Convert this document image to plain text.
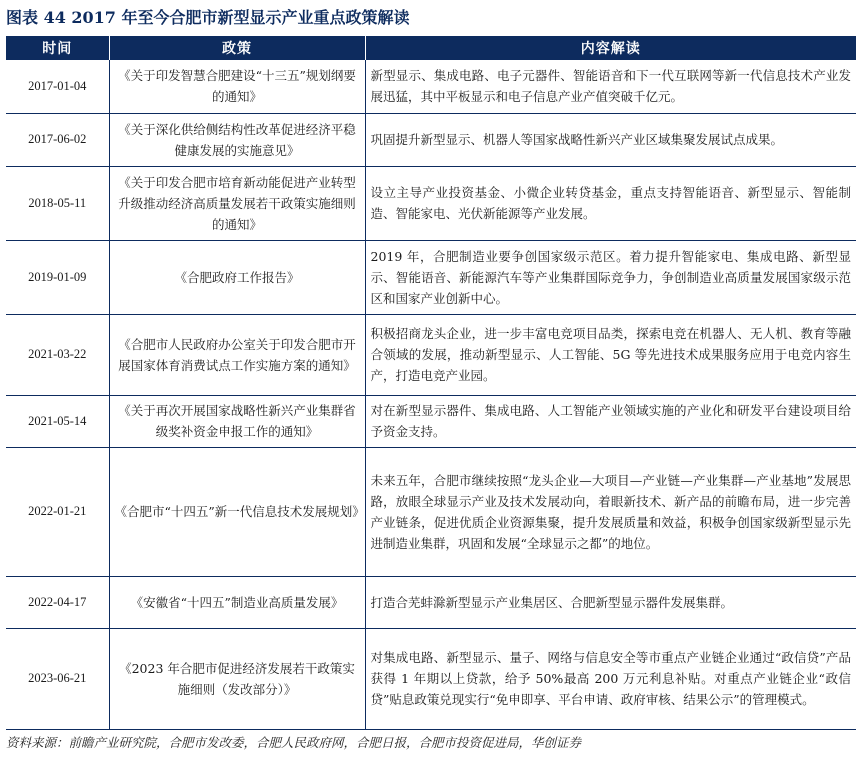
图表 44 2017 年至今合肥市新型显示产业重点政策解读
时间	政策	内容解读
2017-01-04	《关于印发智慧合肥建设“十三五”规划纲要的通知》	新型显示、集成电路、电子元器件、智能语音和下一代互联网等新一代信息技术产业发展迅猛，其中平板显示和电子信息产业产值突破千亿元。
2017-06-02	《关于深化供给侧结构性改革促进经济平稳健康发展的实施意见》	巩固提升新型显示、机器人等国家战略性新兴产业区域集聚发展试点成果。
2018-05-11	《关于印发合肥市培育新动能促进产业转型升级推动经济高质量发展若干政策实施细则的通知》	设立主导产业投资基金、小微企业转贷基金，重点支持智能语音、新型显示、智能制造、智能家电、光伏新能源等产业发展。
2019-01-09	《合肥政府工作报告》	2019 年，合肥制造业要争创国家级示范区。着力提升智能家电、集成电路、新型显示、智能语音、新能源汽车等产业集群国际竞争力，争创制造业高质量发展国家级示范区和国家产业创新中心。
2021-03-22	《合肥市人民政府办公室关于印发合肥市开展国家体育消费试点工作实施方案的通知》	积极招商龙头企业，进一步丰富电竞项目品类，探索电竞在机器人、无人机、教育等融合领域的发展，推动新型显示、人工智能、5G 等先进技术成果服务应用于电竞内容生产，打造电竞产业园。
2021-05-14	《关于再次开展国家战略性新兴产业集群省级奖补资金申报工作的通知》	对在新型显示器件、集成电路、人工智能产业领域实施的产业化和研发平台建设项目给予资金支持。
2022-01-21	《合肥市“十四五”新一代信息技术发展规划》	未来五年，合肥市继续按照“龙头企业—大项目—产业链—产业集群—产业基地”发展思路，放眼全球显示产业及技术发展动向，着眼新技术、新产品的前瞻布局，进一步完善产业链条，促进优质企业资源集聚，提升发展质量和效益，积极争创国家级新型显示先进制造业集群，巩固和发展“全球显示之都”的地位。
2022-04-17	《安徽省“十四五”制造业高质量发展》	打造合芜蚌滁新型显示产业集居区、合肥新型显示器件发展集群。
2023-06-21	《2023 年合肥市促进经济发展若干政策实施细则（发改部分）》	对集成电路、新型显示、量子、网络与信息安全等市重点产业链企业通过“政信贷”产品获得 1 年期以上贷款，给予 50%最高 200 万元利息补贴。对重点产业链企业“政信贷”贴息政策兑现实行“免申即享、平台申请、政府审核、结果公示”的管理模式。
资料来源：前瞻产业研究院，合肥市发改委，合肥人民政府网，合肥日报，合肥市投资促进局，华创证券
